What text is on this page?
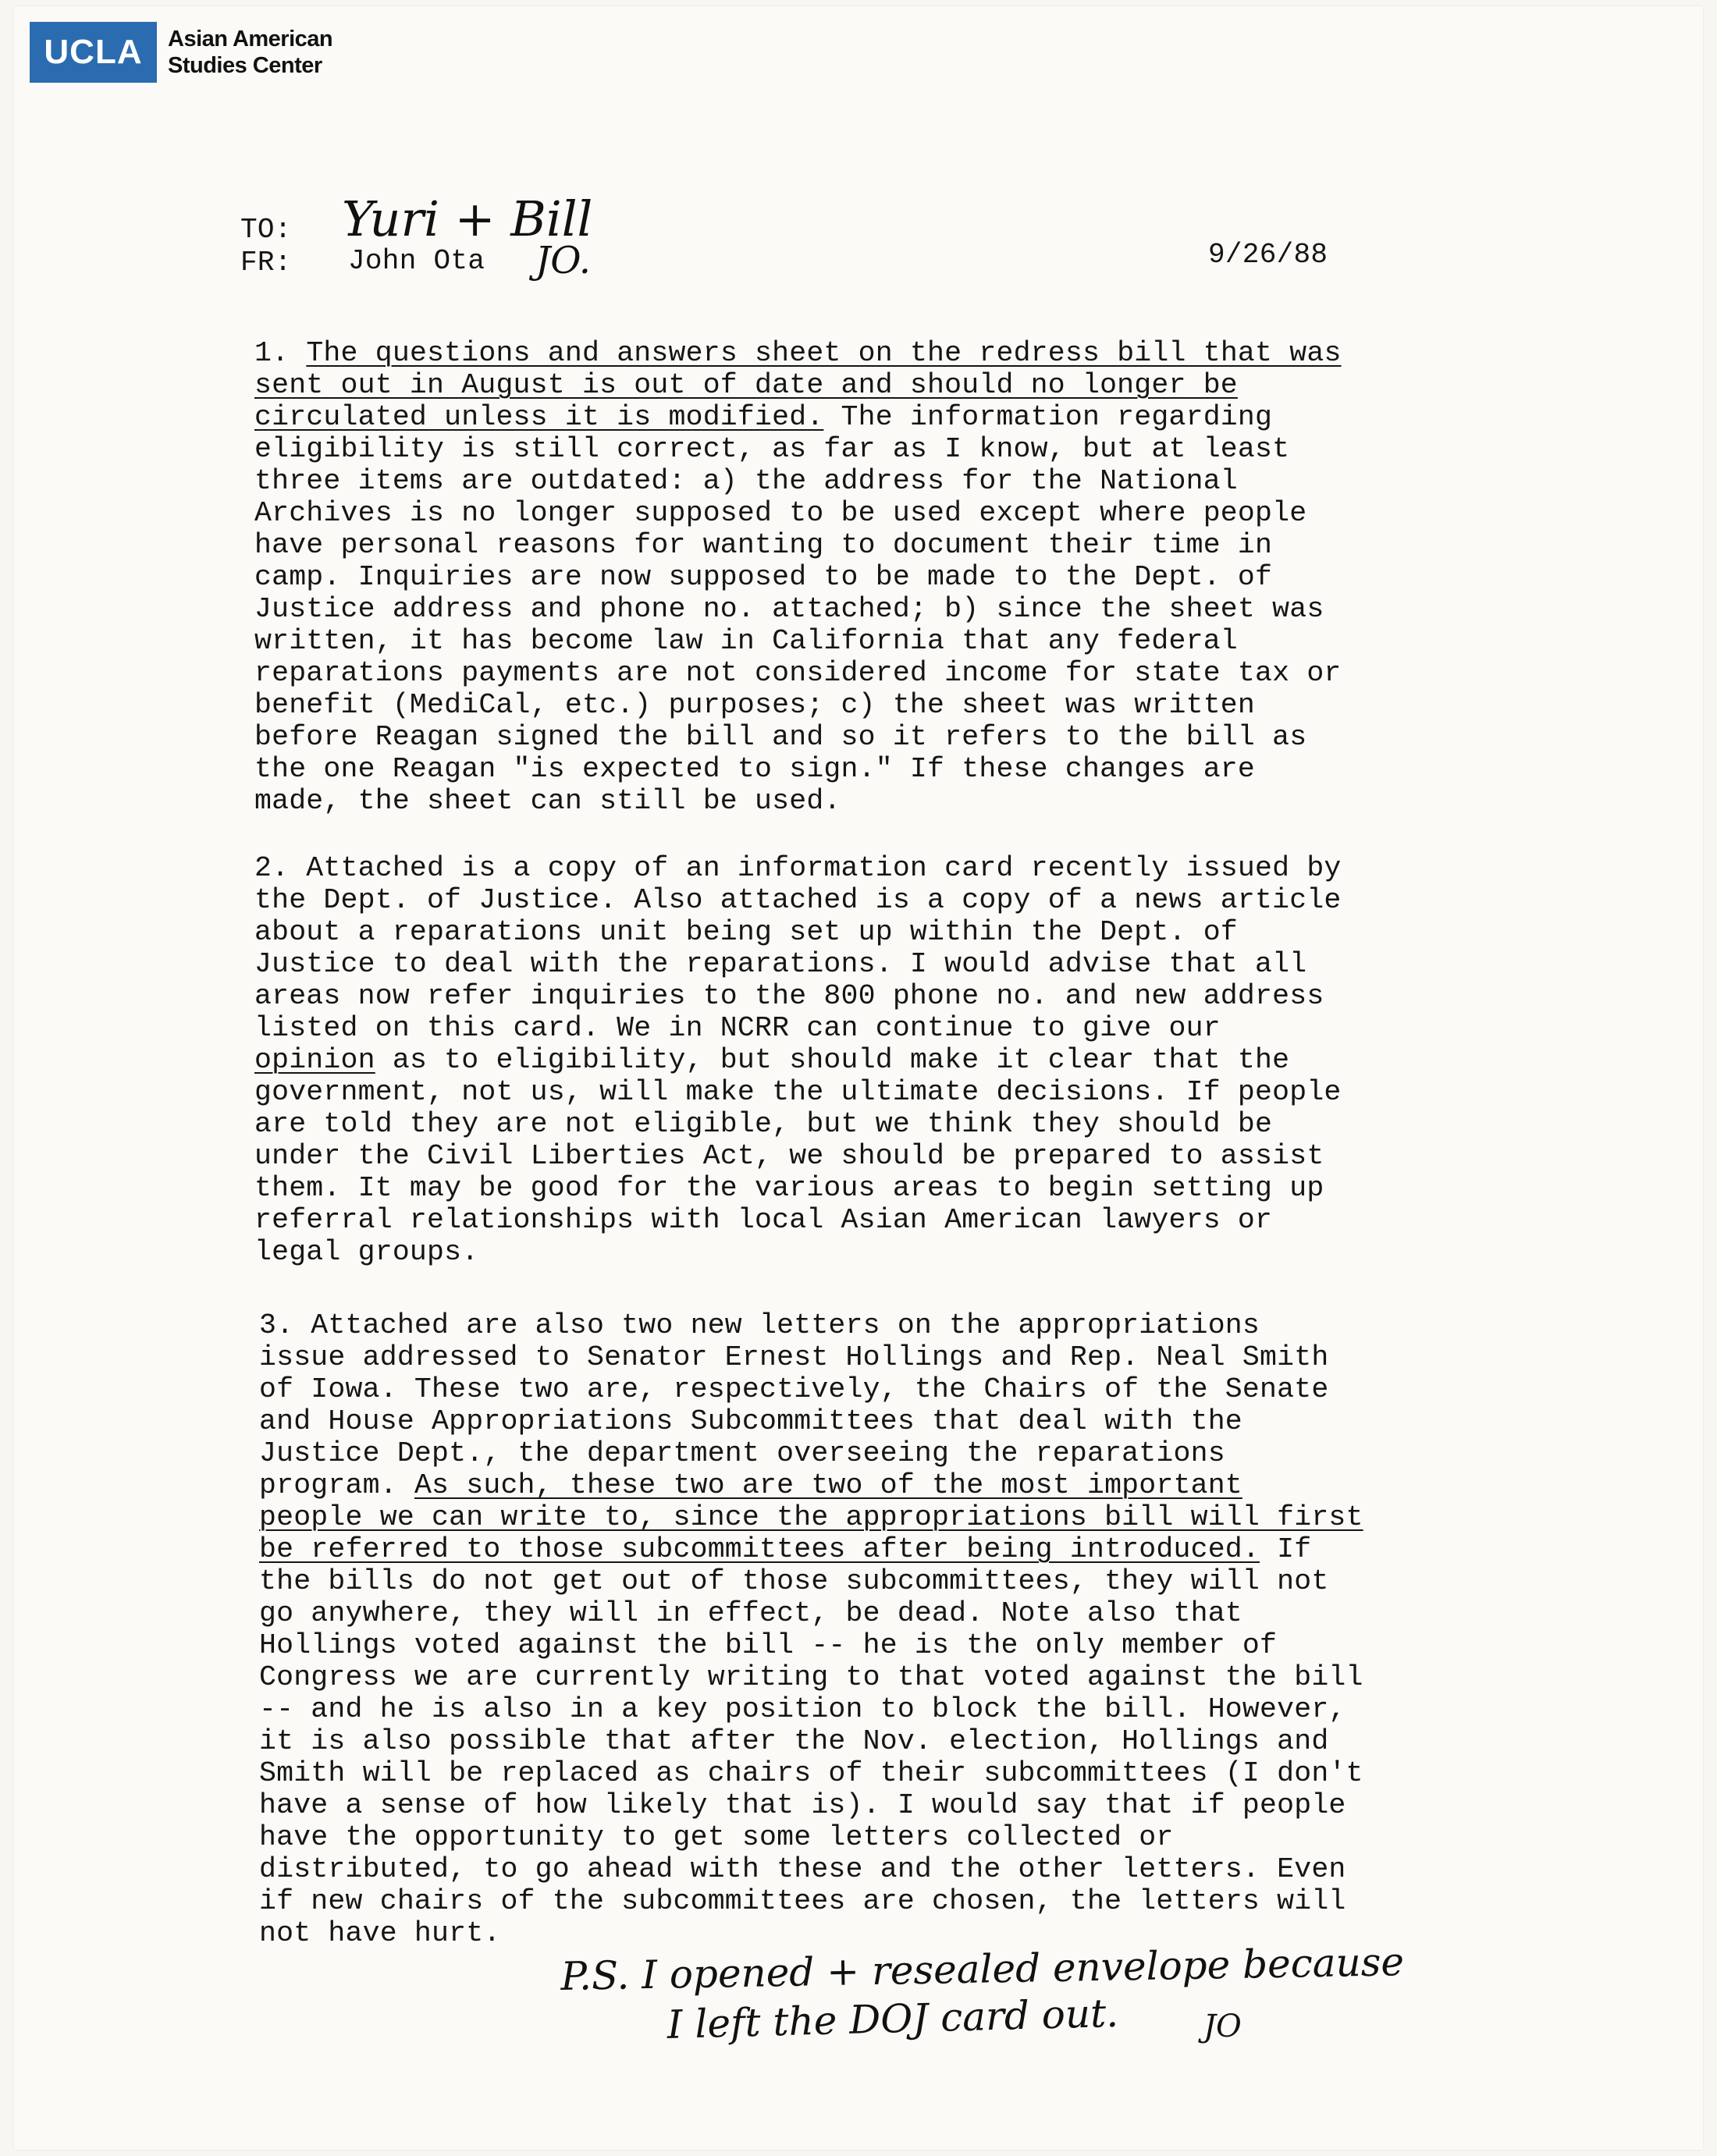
UCLA	Asian American
Studies Center
TO: Yuri + Bill
FR: John Ota JO.	9/26/88
1. The questions and answers sheet on the redress bill that was
sent out in August is out of date and should no longer be
circulated unless it is modified. The information regarding
eligibility is still correct, as far as I know, but at least
three items are outdated: a) the address for the National
Archives is no longer supposed to be used except where people
have personal reasons for wanting to document their time in
camp. Inquiries are now supposed to be made to the Dept. of
Justice address and phone no. attached; b) since the sheet was
written, it has become law in California that any federal
reparations payments are not considered income for state tax or
benefit (MediCal, etc.) purposes; c) the sheet was written
before Reagan signed the bill and so it refers to the bill as
the one Reagan "is expected to sign." If these changes are
made, the sheet can still be used.
2. Attached is a copy of an information card recently issued by
the Dept. of Justice. Also attached is a copy of a news article
about a reparations unit being set up within the Dept. of
Justice to deal with the reparations. I would advise that all
areas now refer inquiries to the 800 phone no. and new address
listed on this card. We in NCRR can continue to give our
opinion as to eligibility, but should make it clear that the
government, not us, will make the ultimate decisions. If people
are told they are not eligible, but we think they should be
under the Civil Liberties Act, we should be prepared to assist
them. It may be good for the various areas to begin setting up
referral relationships with local Asian American lawyers or
legal groups.
3. Attached are also two new letters on the appropriations
issue addressed to Senator Ernest Hollings and Rep. Neal Smith
of Iowa. These two are, respectively, the Chairs of the Senate
and House Appropriations Subcommittees that deal with the
Justice Dept., the department overseeing the reparations
program. As such, these two are two of the most important
people we can write to, since the appropriations bill will first
be referred to those subcommittees after being introduced. If
the bills do not get out of those subcommittees, they will not
go anywhere, they will in effect, be dead. Note also that
Hollings voted against the bill -- he is the only member of
Congress we are currently writing to that voted against the bill
-- and he is also in a key position to block the bill. However,
it is also possible that after the Nov. election, Hollings and
Smith will be replaced as chairs of their subcommittees (I don't
have a sense of how likely that is). I would say that if people
have the opportunity to get some letters collected or
distributed, to go ahead with these and the other letters. Even
if new chairs of the subcommittees are chosen, the letters will
not have hurt.
P.S. I opened + resealed envelope because
I left the DOJ card out.	JO
